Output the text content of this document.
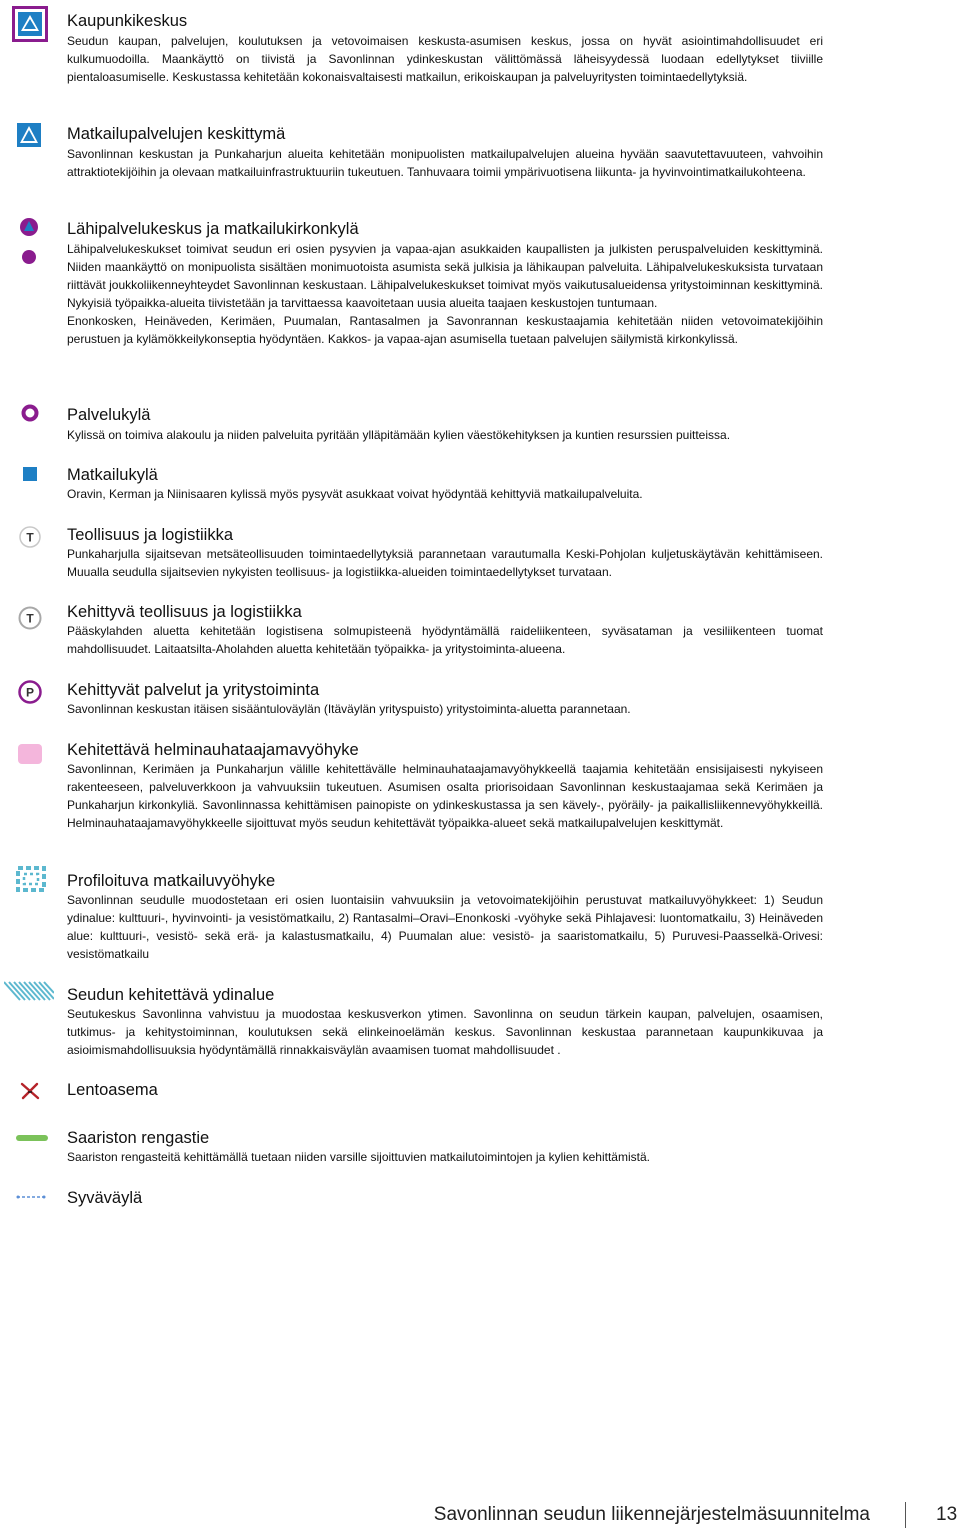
Kaupunkikeskus

Seudun kaupan, palvelujen, koulutuksen ja vetovoimaisen keskusta-asumisen keskus, jossa on hyvät asiointimahdollisuudet eri kulkumuodoilla. Maankäyttö on tiivistä ja Savonlinnan ydinkeskustan välittömässä läheisyydessä luodaan edellytykset tiiviille pientaloasumiselle. Keskustassa kehitetään kokonaisvaltaisesti matkailun, erikoiskaupan ja palveluyritysten toimintaedellytyksiä.

Matkailupalvelujen keskittymä

Savonlinnan keskustan ja Punkaharjun alueita kehitetään monipuolisten matkailupalvelujen alueina hyvään saavutettavuuteen, vahvoihin attraktiotekijöihin ja olevaan matkailuinfrastruktuuriin tukeutuen. Tanhuvaara toimii ympärivuotisena liikunta- ja hyvinvointimatkailukohteena.

Lähipalvelukeskus ja matkailukirkonkylä

Lähipalvelukeskukset toimivat seudun eri osien pysyvien ja vapaa-ajan asukkaiden kaupallisten ja julkisten peruspalveluiden keskittyminä. Niiden maankäyttö on monipuolista sisältäen monimuotoista asumista sekä julkisia ja lähikaupan palveluita. Lähipalvelukeskuksista turvataan riittävät joukkoliikenneyhteydet Savonlinnan keskustaan. Lähipalvelukeskukset toimivat myös vaikutusalueidensa yritystoiminnan keskittyminä. Nykyisiä työpaikka-alueita tiivistetään ja tarvittaessa kaavoitetaan uusia alueita taajaen keskustojen tuntumaan.

Enonkosken, Heinäveden, Kerimäen, Puumalan, Rantasalmen ja Savonrannan keskustaajamia kehitetään niiden vetovoimatekijöihin perustuen ja kylämökkeilykonseptia hyödyntäen. Kakkos- ja vapaa-ajan asumisella tuetaan palvelujen säilymistä kirkonkylissä.

Palvelukylä

Kylissä on toimiva alakoulu ja niiden palveluita pyritään ylläpitämään kylien väestökehityksen ja kuntien resurssien puitteissa.

Matkailukylä

Oravin, Kerman ja Niinisaaren kylissä myös pysyvät asukkaat voivat hyödyntää kehittyviä matkailupalveluita.

T Teollisuus ja logistiikka

Punkaharjulla sijaitsevan metsäteollisuuden toimintaedellytyksiä parannetaan varautumalla Keski-Pohjolan kuljetuskäytävän kehittämiseen. Muualla seudulla sijaitsevien nykyisten teollisuus- ja logistiikka-alueiden toimintaedellytykset turvataan.

T Kehittyvä teollisuus ja logistiikka

Pääskylahden aluetta kehitetään logistisena solmupisteenä hyödyntämällä raideliikenteen, syväsataman ja vesiliikenteen tuomat mahdollisuudet. Laitaatsilta-Aholahden aluetta kehitetään työpaikka- ja yritystoiminta-alueena.

P Kehittyvät palvelut ja yritystoiminta

Savonlinnan keskustan itäisen sisääntuloväylän (Itäväylän yrityspuisto) yritystoiminta-aluetta parannetaan.

Kehitettävä helminauhataajamavyöhyke

Savonlinnan, Kerimäen ja Punkaharjun välille kehitettävälle helminauhataajamavyöhykkeellä taajamia kehitetään ensisijaisesti nykyiseen rakenteeseen, palveluverkkoon ja vahvuuksiin tukeutuen. Asumisen osalta priorisoidaan Savonlinnan keskustaajamaa sekä Kerimäen ja Punkaharjun kirkonkyliä. Savonlinnassa kehittämisen painopiste on ydinkeskustassa ja sen kävely-, pyöräily- ja paikallisliikennevyöhykkeillä. Helminauhataajamavyöhykkeelle sijoittuvat myös seudun kehitettävät työpaikka-alueet sekä matkailupalvelujen keskittymät.

Profiloituva matkailuvyöhyke

Savonlinnan seudulle muodostetaan eri osien luontaisiin vahvuuksiin ja vetovoimatekijöihin perustuvat matkailuvyöhykkeet: 1) Seudun ydinalue: kulttuuri-, hyvinvointi- ja vesistömatkailu, 2) Rantasalmi–Oravi–Enonkoski -vyöhyke sekä Pihlajavesi: luontomatkailu, 3) Heinäveden alue: kulttuuri-, vesistö- sekä erä- ja kalastusmatkailu, 4) Puumalan alue: vesistö- ja saaristomatkailu, 5) Puruvesi-Paasselkä-Orivesi: vesistömatkailu

Seudun kehitettävä ydinalue

Seutukeskus Savonlinna vahvistuu ja muodostaa keskusverkon ytimen. Savonlinna on seudun tärkein kaupan, palvelujen, osaamisen, tutkimus- ja kehitystoiminnan, koulutuksen sekä elinkeinoelämän keskus. Savonlinnan keskustaa parannetaan kaupunkikuvaa ja asioimismahdollisuuksia hyödyntämällä rinnakkaisväylän avaamisen tuomat mahdollisuudet .

Lentoasema
Saariston rengastie

Saariston rengasteitä kehittämällä tuetaan niiden varsille sijoittuvien matkailutoimintojen ja kylien kehittämistä.

Syväväylä
Savonlinnan seudun liikennejärjestelmäsuunnitelma	13
